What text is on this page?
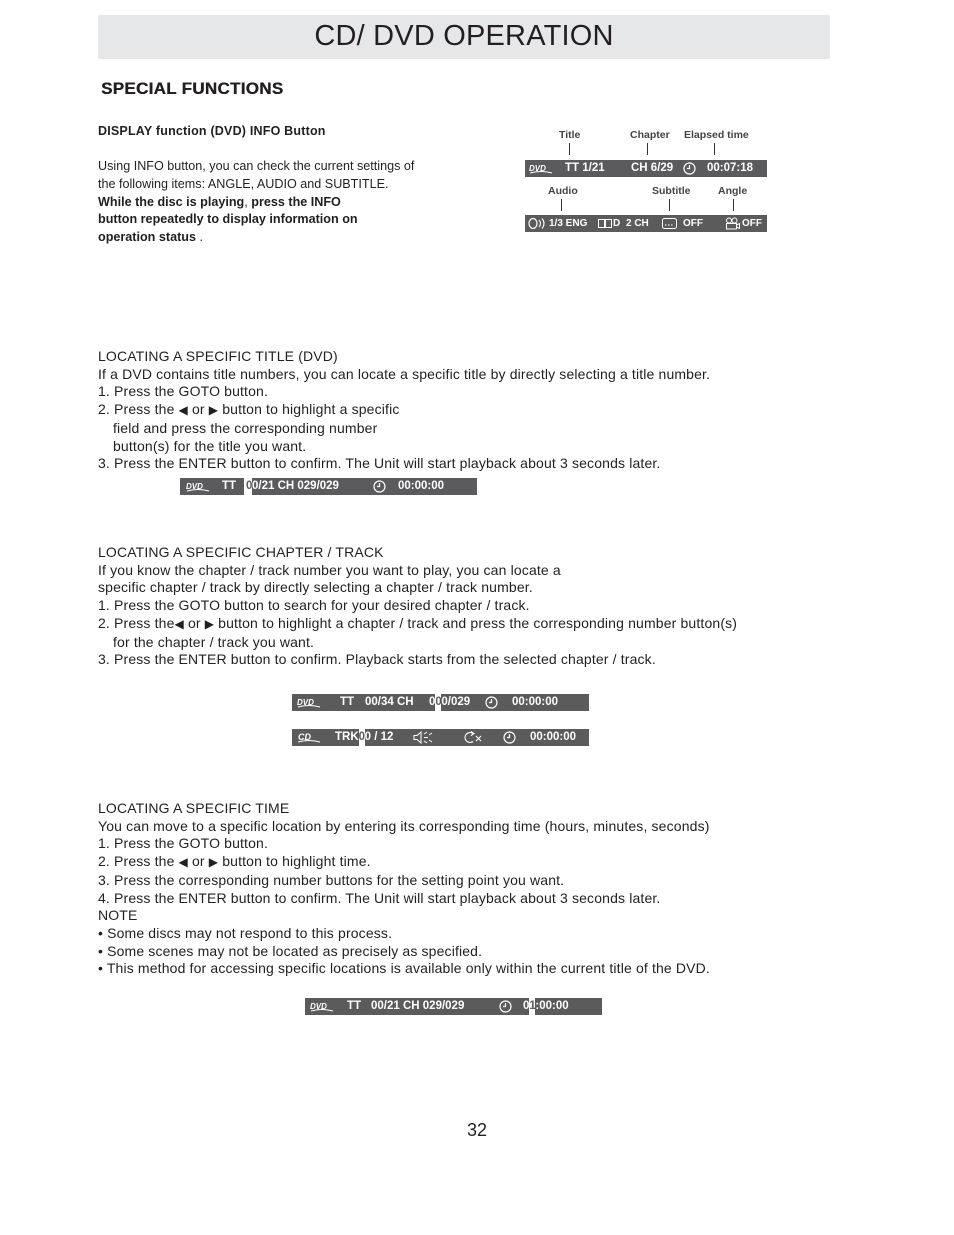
CD/ DVD OPERATION
SPECIAL FUNCTIONS
DISPLAY function (DVD) INFO Button
Using INFO button, you can check the current settings of
the following items: ANGLE, AUDIO and SUBTITLE.
While the disc is playing, press the INFO
button repeatedly to display information on
operation status .
Title	Chapter Elapsed time
DVD TT 1/21 CH 6/29	00:07:18
Audio	Subtitle	Angle
1/3 ENG	D 2 CH	OFF	OFF

LOCATING A SPECIFIC TITLE (DVD)

If a DVD contains title numbers, you can locate a specific title by directly selecting a title number.

1. Press the GOTO button.

2. Press the ◀ or ▶ button to highlight a specific

field and press the corresponding number

button(s) for the title you want.

3. Press the ENTER button to confirm. The Unit will start playback about 3 seconds later.

DVD TT 00/21 CH 029/029	00:00:00

LOCATING A SPECIFIC CHAPTER / TRACK

If you know the chapter / track number you want to play, you can locate a

specific chapter / track by directly selecting a chapter / track number.

1. Press the GOTO button to search for your desired chapter / track.

2. Press the◀ or ▶ button to highlight a chapter / track and press the corresponding number button(s)

for the chapter / track you want.

3. Press the ENTER button to confirm. Playback starts from the selected chapter / track.

DVD TT 00/34 CH 000/029	00:00:00
CD TRK00 / 12	00:00:00

LOCATING A SPECIFIC TIME

You can move to a specific location by entering its corresponding time (hours, minutes, seconds)

1. Press the GOTO button.

2. Press the ◀ or ▶ button to highlight time.

3. Press the corresponding number buttons for the setting point you want.

4. Press the ENTER button to confirm. The Unit will start playback about 3 seconds later.

NOTE

• Some discs may not respond to this process.

• Some scenes may not be located as precisely as specified.

• This method for accessing specific locations is available only within the current title of the DVD.

DVD TT 00/21 CH 029/029	01:00:00
32
